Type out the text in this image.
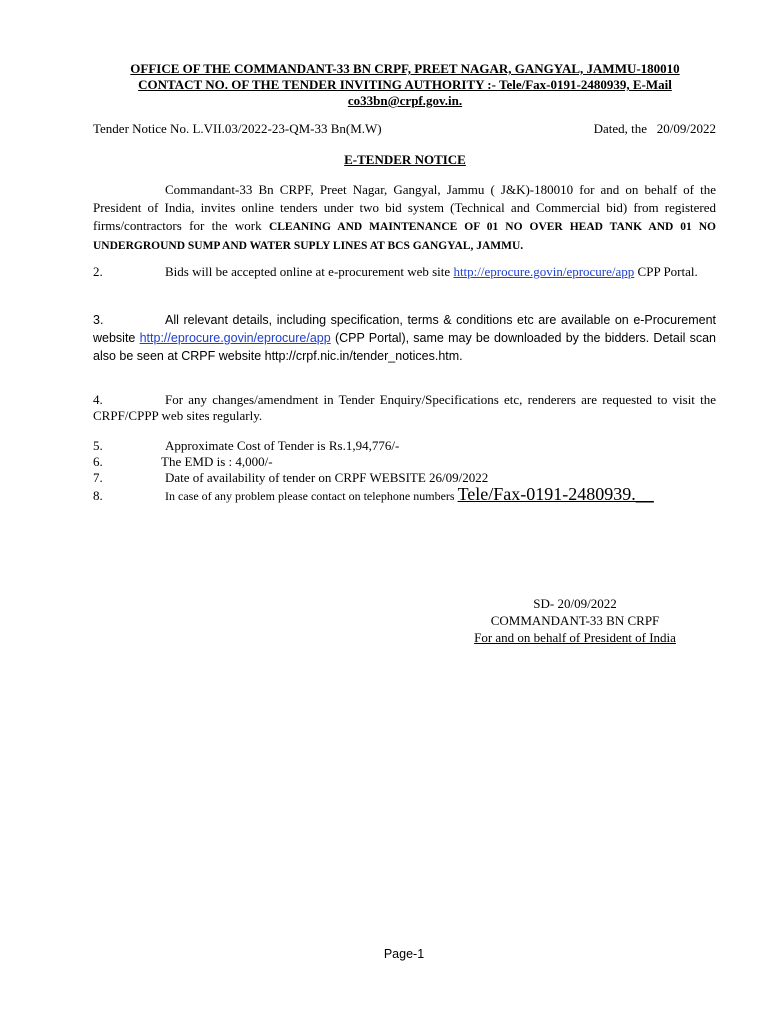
OFFICE OF THE COMMANDANT-33 BN CRPF, PREET NAGAR, GANGYAL, JAMMU-180010
CONTACT NO. OF THE TENDER INVITING AUTHORITY :- Tele/Fax-0191-2480939, E-Mail
co33bn@crpf.gov.in.
Tender Notice No. L.VII.03/2022-23-QM-33 Bn(M.W)	Dated, the 20/09/2022
E-TENDER NOTICE
Commandant-33 Bn CRPF, Preet Nagar, Gangyal, Jammu ( J&K)-180010 for and on behalf of the President of India, invites online tenders under two bid system (Technical and Commercial bid) from registered firms/contractors for the work CLEANING AND MAINTENANCE OF 01 NO OVER HEAD TANK AND 01 NO UNDERGROUND SUMP AND WATER SUPLY LINES AT BCS GANGYAL, JAMMU.
2.	Bids will be accepted online at e-procurement web site http://eprocure.govin/eprocure/app CPP Portal.
3.	All relevant details, including specification, terms & conditions etc are available on e-Procurement website http://eprocure.govin/eprocure/app (CPP Portal), same may be downloaded by the bidders. Detail scan also be seen at CRPF website http://crpf.nic.in/tender_notices.htm.
4.	For any changes/amendment in Tender Enquiry/Specifications etc, renderers are requested to visit the CRPF/CPPP web sites regularly.
5.	Approximate Cost of Tender is Rs.1,94,776/-
6.	The EMD is : 4,000/-
7.	Date of availability of tender on CRPF WEBSITE 26/09/2022
8.	In case of any problem please contact on telephone numbers Tele/Fax-0191-2480939.__
SD- 20/09/2022
COMMANDANT-33 BN CRPF
For and on behalf of President of India
Page-1
